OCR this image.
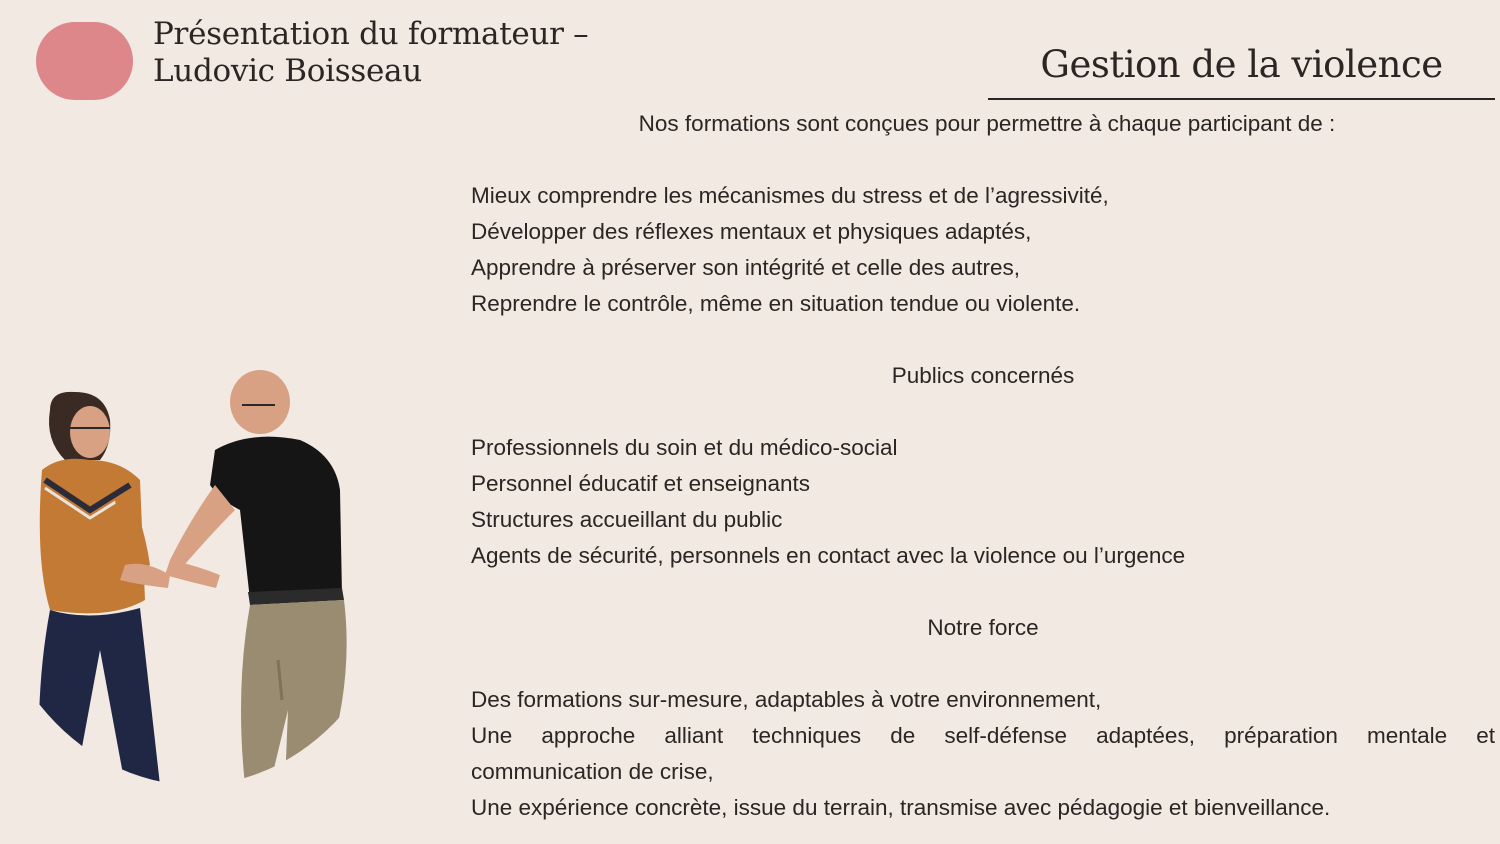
Présentation du formateur –
Ludovic Boisseau	Gestion de la violence
Nos formations sont conçues pour permettre à chaque participant de :
Mieux comprendre les mécanismes du stress et de l’agressivité,
Développer des réflexes mentaux et physiques adaptés,
Apprendre à préserver son intégrité et celle des autres,
Reprendre le contrôle, même en situation tendue ou violente.
Publics concernés
Professionnels du soin et du médico-social
Personnel éducatif et enseignants
Structures accueillant du public
Agents de sécurité, personnels en contact avec la violence ou l’urgence
Notre force
Des formations sur-mesure, adaptables à votre environnement,
Une approche alliant techniques de self-défense adaptées, préparation mentale et
communication de crise,
Une expérience concrète, issue du terrain, transmise avec pédagogie et bienveillance.
